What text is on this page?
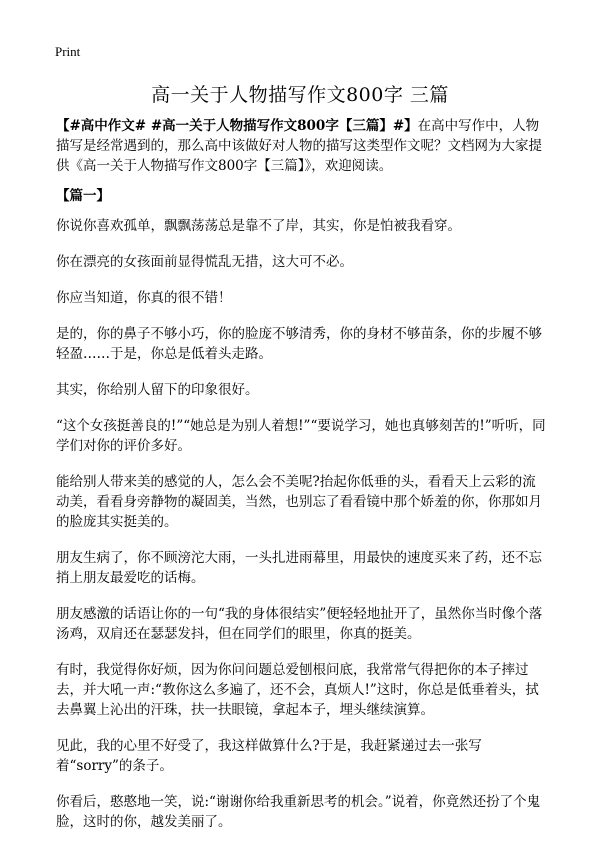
Print
高一关于人物描写作文800字 三篇

【#高中作文# #高一关于人物描写作文800字【三篇】#】在高中写作中，人物描写是经常遇到的，那么高中该做好对人物的描写这类型作文呢？文档网为大家提供《高一关于人物描写作文800字【三篇】》，欢迎阅读。

【篇一】

你说你喜欢孤单，飘飘荡荡总是靠不了岸，其实，你是怕被我看穿。

你在漂亮的女孩面前显得慌乱无措，这大可不必。

你应当知道，你真的很不错！

是的，你的鼻子不够小巧，你的脸庞不够清秀，你的身材不够苗条，你的步履不够轻盈……于是，你总是低着头走路。

其实，你给别人留下的印象很好。

“这个女孩挺善良的!”“她总是为别人着想!”“要说学习，她也真够刻苦的!”听听，同学们对你的评价多好。

能给别人带来美的感觉的人，怎么会不美呢?抬起你低垂的头，看看天上云彩的流动美，看看身旁静物的凝固美，当然，也别忘了看看镜中那个娇羞的你，你那如月的脸庞其实挺美的。

朋友生病了，你不顾滂沱大雨，一头扎进雨幕里，用最快的速度买来了药，还不忘捎上朋友最爱吃的话梅。

朋友感激的话语让你的一句“我的身体很结实”便轻轻地扯开了，虽然你当时像个落汤鸡，双肩还在瑟瑟发抖，但在同学们的眼里，你真的挺美。

有时，我觉得你好烦，因为你问问题总爱刨根问底，我常常气得把你的本子摔过去，并大吼一声:“教你这么多遍了，还不会，真烦人!”这时，你总是低垂着头，拭去鼻翼上沁出的汗珠，扶一扶眼镜，拿起本子，埋头继续演算。

见此，我的心里不好受了，我这样做算什么?于是，我赶紧递过去一张写着“sorry”的条子。

你看后，憨憨地一笑，说:“谢谢你给我重新思考的机会。”说着，你竟然还扮了个鬼脸，这时的你，越发美丽了。
